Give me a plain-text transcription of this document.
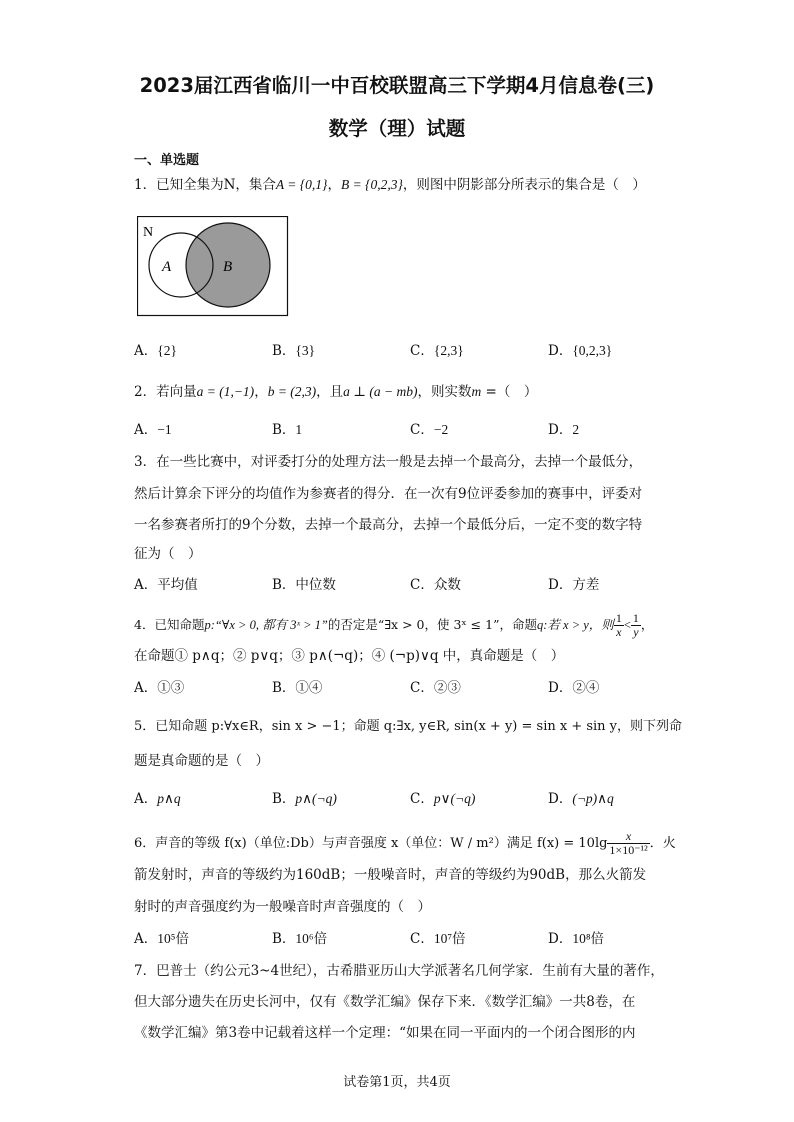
2023届江西省临川一中百校联盟高三下学期4月信息卷(三)
数学（理）试题
一、单选题
1．已知全集为N，集合A = {0,1}，B = {0,2,3}，则图中阴影部分所表示的集合是（　）
N
A	B
A．{2}	B．{3}	C．{2,3}	D．{0,2,3}
2．若向量a = (1,−1)，b = (2,3)，且a ⊥ (a − mb)，则实数m =（　）
A．−1	B．1	C．−2	D．2
3．在一些比赛中，对评委打分的处理方法一般是去掉一个最高分，去掉一个最低分，
然后计算余下评分的均值作为参赛者的得分．在一次有9位评委参加的赛事中，评委对
一名参赛者所打的9个分数，去掉一个最高分，去掉一个最低分后，一定不变的数字特
征为（　）
A．平均值	B．中位数	C．众数	D．方差
4．已知命题p:“∀x > 0, 都有 3ˣ > 1”的否定是“∃x > 0，使 3ˣ ≤ 1”，命题q:若 x > y，则 $\frac{1}{x} < \frac{1}{y}$ ，
在命题① p∧q；② p∨q；③ p∧(¬q)；④ (¬p)∨q 中，真命题是（　）
A．①③	B．①④	C．②③	D．②④
5．已知命题 p:∀x∈R，sin x > −1；命题 q:∃x, y∈R, sin(x + y) = sin x + sin y，则下列命
题是真命题的是（　）
A．p∧q	B．p∧(¬q)	C．p∨(¬q)	D．(¬p)∧q
6．声音的等级 f(x)（单位:Db）与声音强度 x（单位：W / m²）满足 $f(x) = 10\lg \frac{x}{\text{1×10⁻¹²}}$ ．火
箭发射时，声音的等级约为160dB；一般噪音时，声音的等级约为90dB，那么火箭发
射时的声音强度约为一般噪音时声音强度的（　）
A．10⁵倍	B．10⁶倍	C．10⁷倍	D．10⁸倍
7．巴普士（约公元3~4世纪），古希腊亚历山大学派著名几何学家．生前有大量的著作，
但大部分遗失在历史长河中，仅有《数学汇编》保存下来．《数学汇编》一共8卷，在
《数学汇编》第3卷中记载着这样一个定理：“如果在同一平面内的一个闭合图形的内
试卷第1页，共4页
